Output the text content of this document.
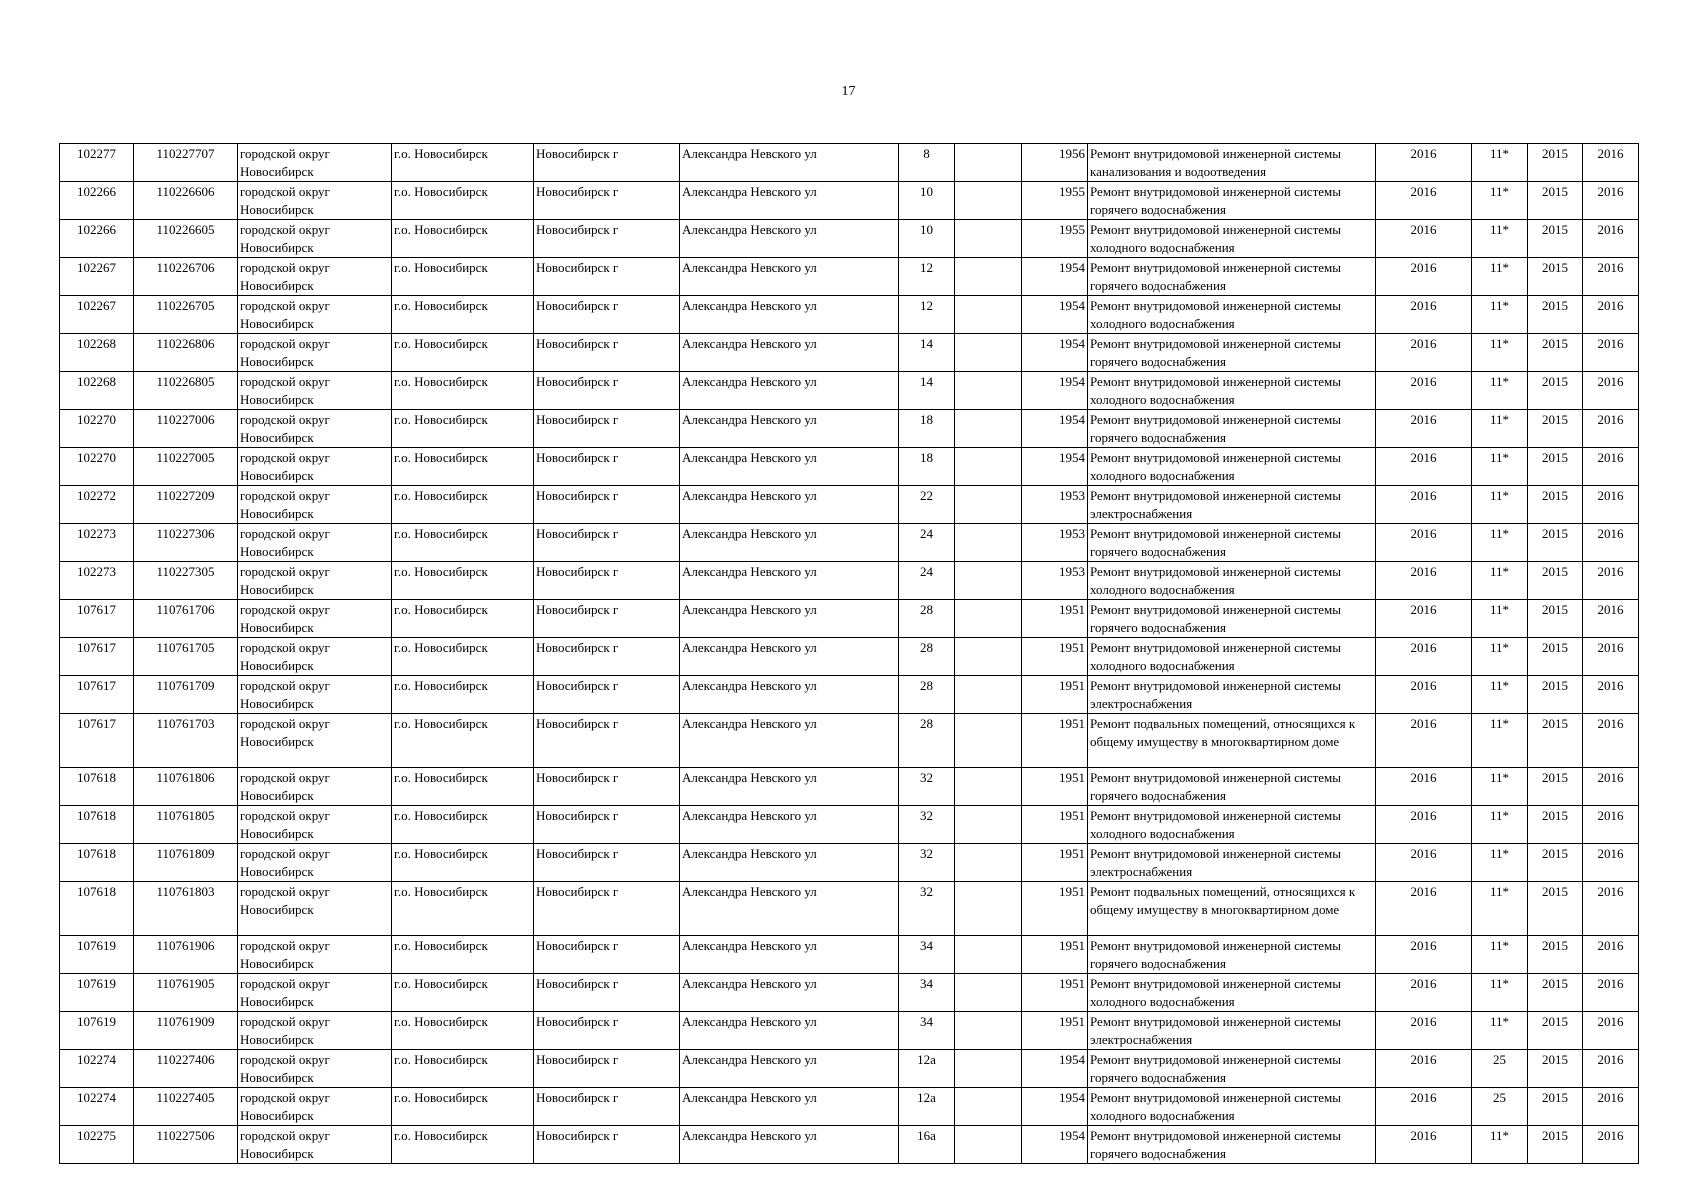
17
102277	110227707	городской округ Новосибирск	г.о. Новосибирск	Новосибирск г	Александра Невского ул	8		1956	Ремонт внутридомовой инженерной системы канализования и водоотведения	2016	11*	2015	2016
102266	110226606	городской округ Новосибирск	г.о. Новосибирск	Новосибирск г	Александра Невского ул	10		1955	Ремонт внутридомовой инженерной системы горячего водоснабжения	2016	11*	2015	2016
102266	110226605	городской округ Новосибирск	г.о. Новосибирск	Новосибирск г	Александра Невского ул	10		1955	Ремонт внутридомовой инженерной системы холодного водоснабжения	2016	11*	2015	2016
102267	110226706	городской округ Новосибирск	г.о. Новосибирск	Новосибирск г	Александра Невского ул	12		1954	Ремонт внутридомовой инженерной системы горячего водоснабжения	2016	11*	2015	2016
102267	110226705	городской округ Новосибирск	г.о. Новосибирск	Новосибирск г	Александра Невского ул	12		1954	Ремонт внутридомовой инженерной системы холодного водоснабжения	2016	11*	2015	2016
102268	110226806	городской округ Новосибирск	г.о. Новосибирск	Новосибирск г	Александра Невского ул	14		1954	Ремонт внутридомовой инженерной системы горячего водоснабжения	2016	11*	2015	2016
102268	110226805	городской округ Новосибирск	г.о. Новосибирск	Новосибирск г	Александра Невского ул	14		1954	Ремонт внутридомовой инженерной системы холодного водоснабжения	2016	11*	2015	2016
102270	110227006	городской округ Новосибирск	г.о. Новосибирск	Новосибирск г	Александра Невского ул	18		1954	Ремонт внутридомовой инженерной системы горячего водоснабжения	2016	11*	2015	2016
102270	110227005	городской округ Новосибирск	г.о. Новосибирск	Новосибирск г	Александра Невского ул	18		1954	Ремонт внутридомовой инженерной системы холодного водоснабжения	2016	11*	2015	2016
102272	110227209	городской округ Новосибирск	г.о. Новосибирск	Новосибирск г	Александра Невского ул	22		1953	Ремонт внутридомовой инженерной системы электроснабжения	2016	11*	2015	2016
102273	110227306	городской округ Новосибирск	г.о. Новосибирск	Новосибирск г	Александра Невского ул	24		1953	Ремонт внутридомовой инженерной системы горячего водоснабжения	2016	11*	2015	2016
102273	110227305	городской округ Новосибирск	г.о. Новосибирск	Новосибирск г	Александра Невского ул	24		1953	Ремонт внутридомовой инженерной системы холодного водоснабжения	2016	11*	2015	2016
107617	110761706	городской округ Новосибирск	г.о. Новосибирск	Новосибирск г	Александра Невского ул	28		1951	Ремонт внутридомовой инженерной системы горячего водоснабжения	2016	11*	2015	2016
107617	110761705	городской округ Новосибирск	г.о. Новосибирск	Новосибирск г	Александра Невского ул	28		1951	Ремонт внутридомовой инженерной системы холодного водоснабжения	2016	11*	2015	2016
107617	110761709	городской округ Новосибирск	г.о. Новосибирск	Новосибирск г	Александра Невского ул	28		1951	Ремонт внутридомовой инженерной системы электроснабжения	2016	11*	2015	2016
107617	110761703	городской округ Новосибирск	г.о. Новосибирск	Новосибирск г	Александра Невского ул	28		1951	Ремонт подвальных помещений, относящихся к общему имуществу в многоквартирном доме	2016	11*	2015	2016
107618	110761806	городской округ Новосибирск	г.о. Новосибирск	Новосибирск г	Александра Невского ул	32		1951	Ремонт внутридомовой инженерной системы горячего водоснабжения	2016	11*	2015	2016
107618	110761805	городской округ Новосибирск	г.о. Новосибирск	Новосибирск г	Александра Невского ул	32		1951	Ремонт внутридомовой инженерной системы холодного водоснабжения	2016	11*	2015	2016
107618	110761809	городской округ Новосибирск	г.о. Новосибирск	Новосибирск г	Александра Невского ул	32		1951	Ремонт внутридомовой инженерной системы электроснабжения	2016	11*	2015	2016
107618	110761803	городской округ Новосибирск	г.о. Новосибирск	Новосибирск г	Александра Невского ул	32		1951	Ремонт подвальных помещений, относящихся к общему имуществу в многоквартирном доме	2016	11*	2015	2016
107619	110761906	городской округ Новосибирск	г.о. Новосибирск	Новосибирск г	Александра Невского ул	34		1951	Ремонт внутридомовой инженерной системы горячего водоснабжения	2016	11*	2015	2016
107619	110761905	городской округ Новосибирск	г.о. Новосибирск	Новосибирск г	Александра Невского ул	34		1951	Ремонт внутридомовой инженерной системы холодного водоснабжения	2016	11*	2015	2016
107619	110761909	городской округ Новосибирск	г.о. Новосибирск	Новосибирск г	Александра Невского ул	34		1951	Ремонт внутридомовой инженерной системы электроснабжения	2016	11*	2015	2016
102274	110227406	городской округ Новосибирск	г.о. Новосибирск	Новосибирск г	Александра Невского ул	12а		1954	Ремонт внутридомовой инженерной системы горячего водоснабжения	2016	25	2015	2016
102274	110227405	городской округ Новосибирск	г.о. Новосибирск	Новосибирск г	Александра Невского ул	12а		1954	Ремонт внутридомовой инженерной системы холодного водоснабжения	2016	25	2015	2016
102275	110227506	городской округ Новосибирск	г.о. Новосибирск	Новосибирск г	Александра Невского ул	16а		1954	Ремонт внутридомовой инженерной системы горячего водоснабжения	2016	11*	2015	2016
